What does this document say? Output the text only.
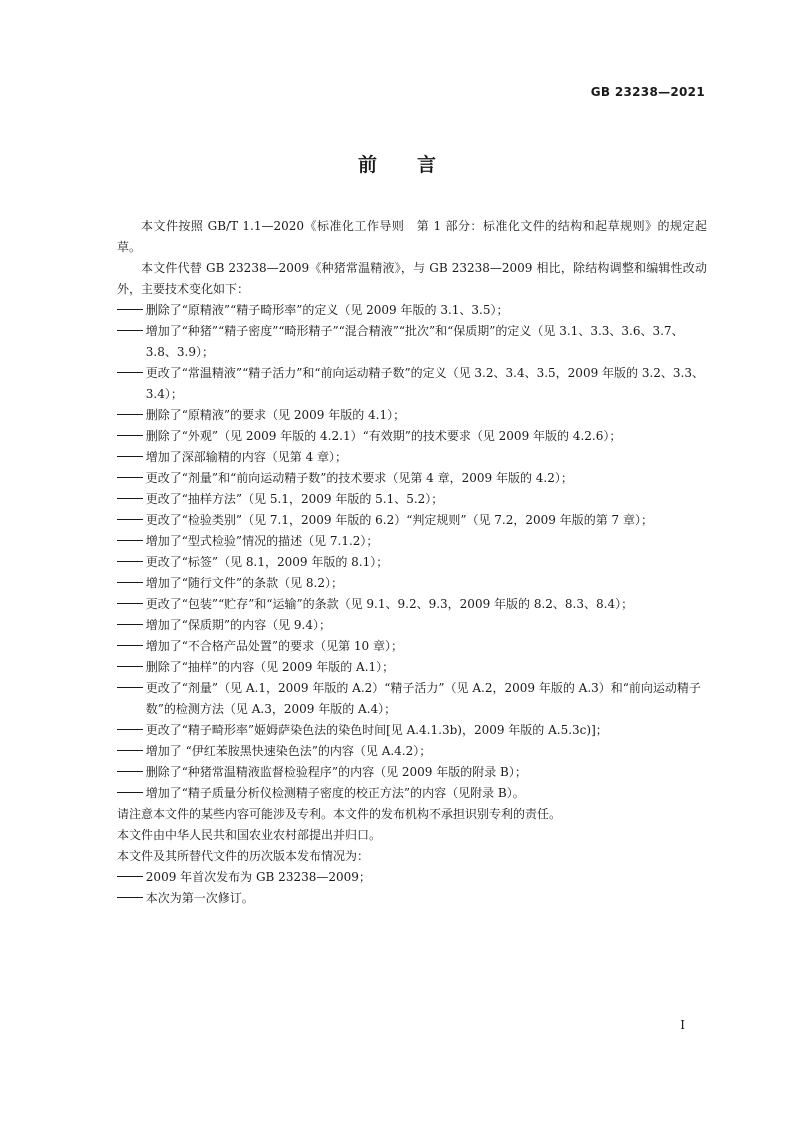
GB 23238—2021
前言

本文件按照 GB/T 1.1—2020《标准化工作导则　第 1 部分：标准化文件的结构和起草规则》的规定起草。

本文件代替 GB 23238—2009《种猪常温精液》，与 GB 23238—2009 相比，除结构调整和编辑性改动外，主要技术变化如下：

删除了“原精液”“精子畸形率”的定义（见 2009 年版的 3.1、3.5）；

增加了“种猪”“精子密度”“畸形精子”“混合精液”“批次”和“保质期”的定义（见 3.1、3.3、3.6、3.7、3.8、3.9）；

更改了“常温精液”“精子活力”和“前向运动精子数”的定义（见 3.2、3.4、3.5，2009 年版的 3.2、3.3、3.4）；

删除了“原精液”的要求（见 2009 年版的 4.1）；

删除了“外观”（见 2009 年版的 4.2.1）“有效期”的技术要求（见 2009 年版的 4.2.6）；

增加了深部输精的内容（见第 4 章）；

更改了“剂量”和“前向运动精子数”的技术要求（见第 4 章，2009 年版的 4.2）；

更改了“抽样方法”（见 5.1，2009 年版的 5.1、5.2）；

更改了“检验类别”（见 7.1，2009 年版的 6.2）“判定规则”（见 7.2，2009 年版的第 7 章）；

增加了“型式检验”情况的描述（见 7.1.2）；

更改了“标签”（见 8.1，2009 年版的 8.1）；

增加了“随行文件”的条款（见 8.2）；

更改了“包装”“贮存”和“运输”的条款（见 9.1、9.2、9.3，2009 年版的 8.2、8.3、8.4）；

增加了“保质期”的内容（见 9.4）；

增加了“不合格产品处置”的要求（见第 10 章）；

删除了“抽样”的内容（见 2009 年版的 A.1）；

更改了“剂量”（见 A.1，2009 年版的 A.2）“精子活力”（见 A.2，2009 年版的 A.3）和“前向运动精子数”的检测方法（见 A.3，2009 年版的 A.4）；

更改了“精子畸形率”姬姆萨染色法的染色时间[见 A.4.1.3b)，2009 年版的 A.5.3c)]；

增加了 “伊红苯胺黑快速染色法”的内容（见 A.4.2）；

删除了“种猪常温精液监督检验程序”的内容（见 2009 年版的附录 B）；

增加了“精子质量分析仪检测精子密度的校正方法”的内容（见附录 B）。

请注意本文件的某些内容可能涉及专利。本文件的发布机构不承担识别专利的责任。

本文件由中华人民共和国农业农村部提出并归口。

本文件及其所替代文件的历次版本发布情况为：

2009 年首次发布为 GB 23238—2009；

本次为第一次修订。

I
